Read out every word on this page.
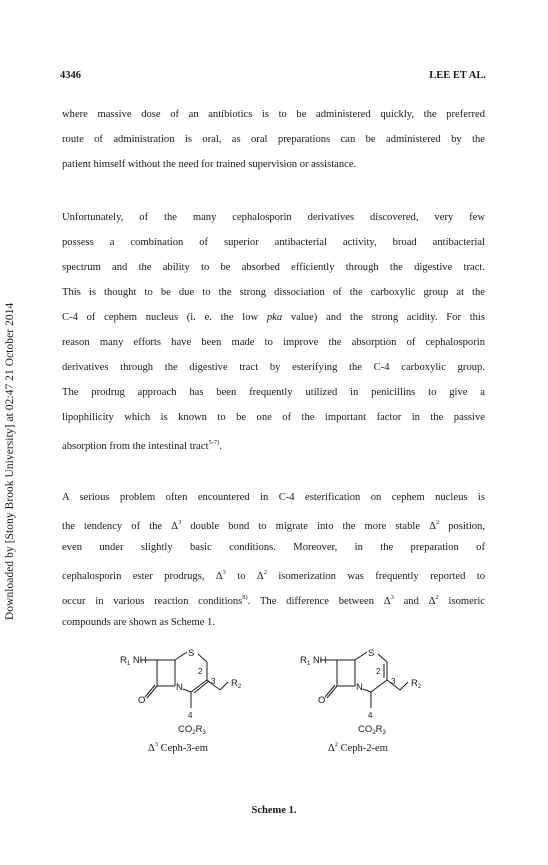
Downloaded by [Stony Brook University] at 02:47 21 October 2014
4346	LEE ET AL.
where massive dose of an antibiotics is to be administered quickly, the preferred
route of administration is oral, as oral preparations can be administered by the
patient himself without the need for trained supervision or assistance.
Unfortunately, of the many cephalosporin derivatives discovered, very few
possess a combination of superior antibacterial activity, broad antibacterial
spectrum and the ability to be absorbed efficiently through the digestive tract.
This is thought to be due to the strong dissociation of the carboxylic group at the
C-4 of cephem nucleus (i. e. the low pka value) and the strong acidity. For this
reason many efforts have been made to improve the absorption of cephalosporin
derivatives through the digestive tract by esterifying the C-4 carboxylic group.
The prodrug approach has been frequently utilized in penicillins to give a
lipophilicity which is known to be one of the important factor in the passive
absorption from the intestinal tract$^{5-7)}$.
A serious problem often encountered in C-4 esterification on cephem nucleus is
the tendency of the $\Delta^3$ double bond to migrate into the more stable $\Delta^2$ position,
even under slightly basic conditions. Moreover, in the preparation of
cephalosporin ester prodrugs, $\Delta^3$ to $\Delta^2$ isomerization was frequently reported to
occur in various reaction conditions$^{8)}$. The difference between $\Delta^3$ and $\Delta^2$ isomeric
compounds are shown as Scheme 1.
$R_1$ NH
S
N
O
2
3
4
$R_2$
$CO_2R_3$
$\Delta^3$ Ceph-3-em
$R_1$ NH
S
N
O
2
3
4
$R_2$
$CO_2R_3$
$\Delta^2$ Ceph-2-em
Scheme 1.
